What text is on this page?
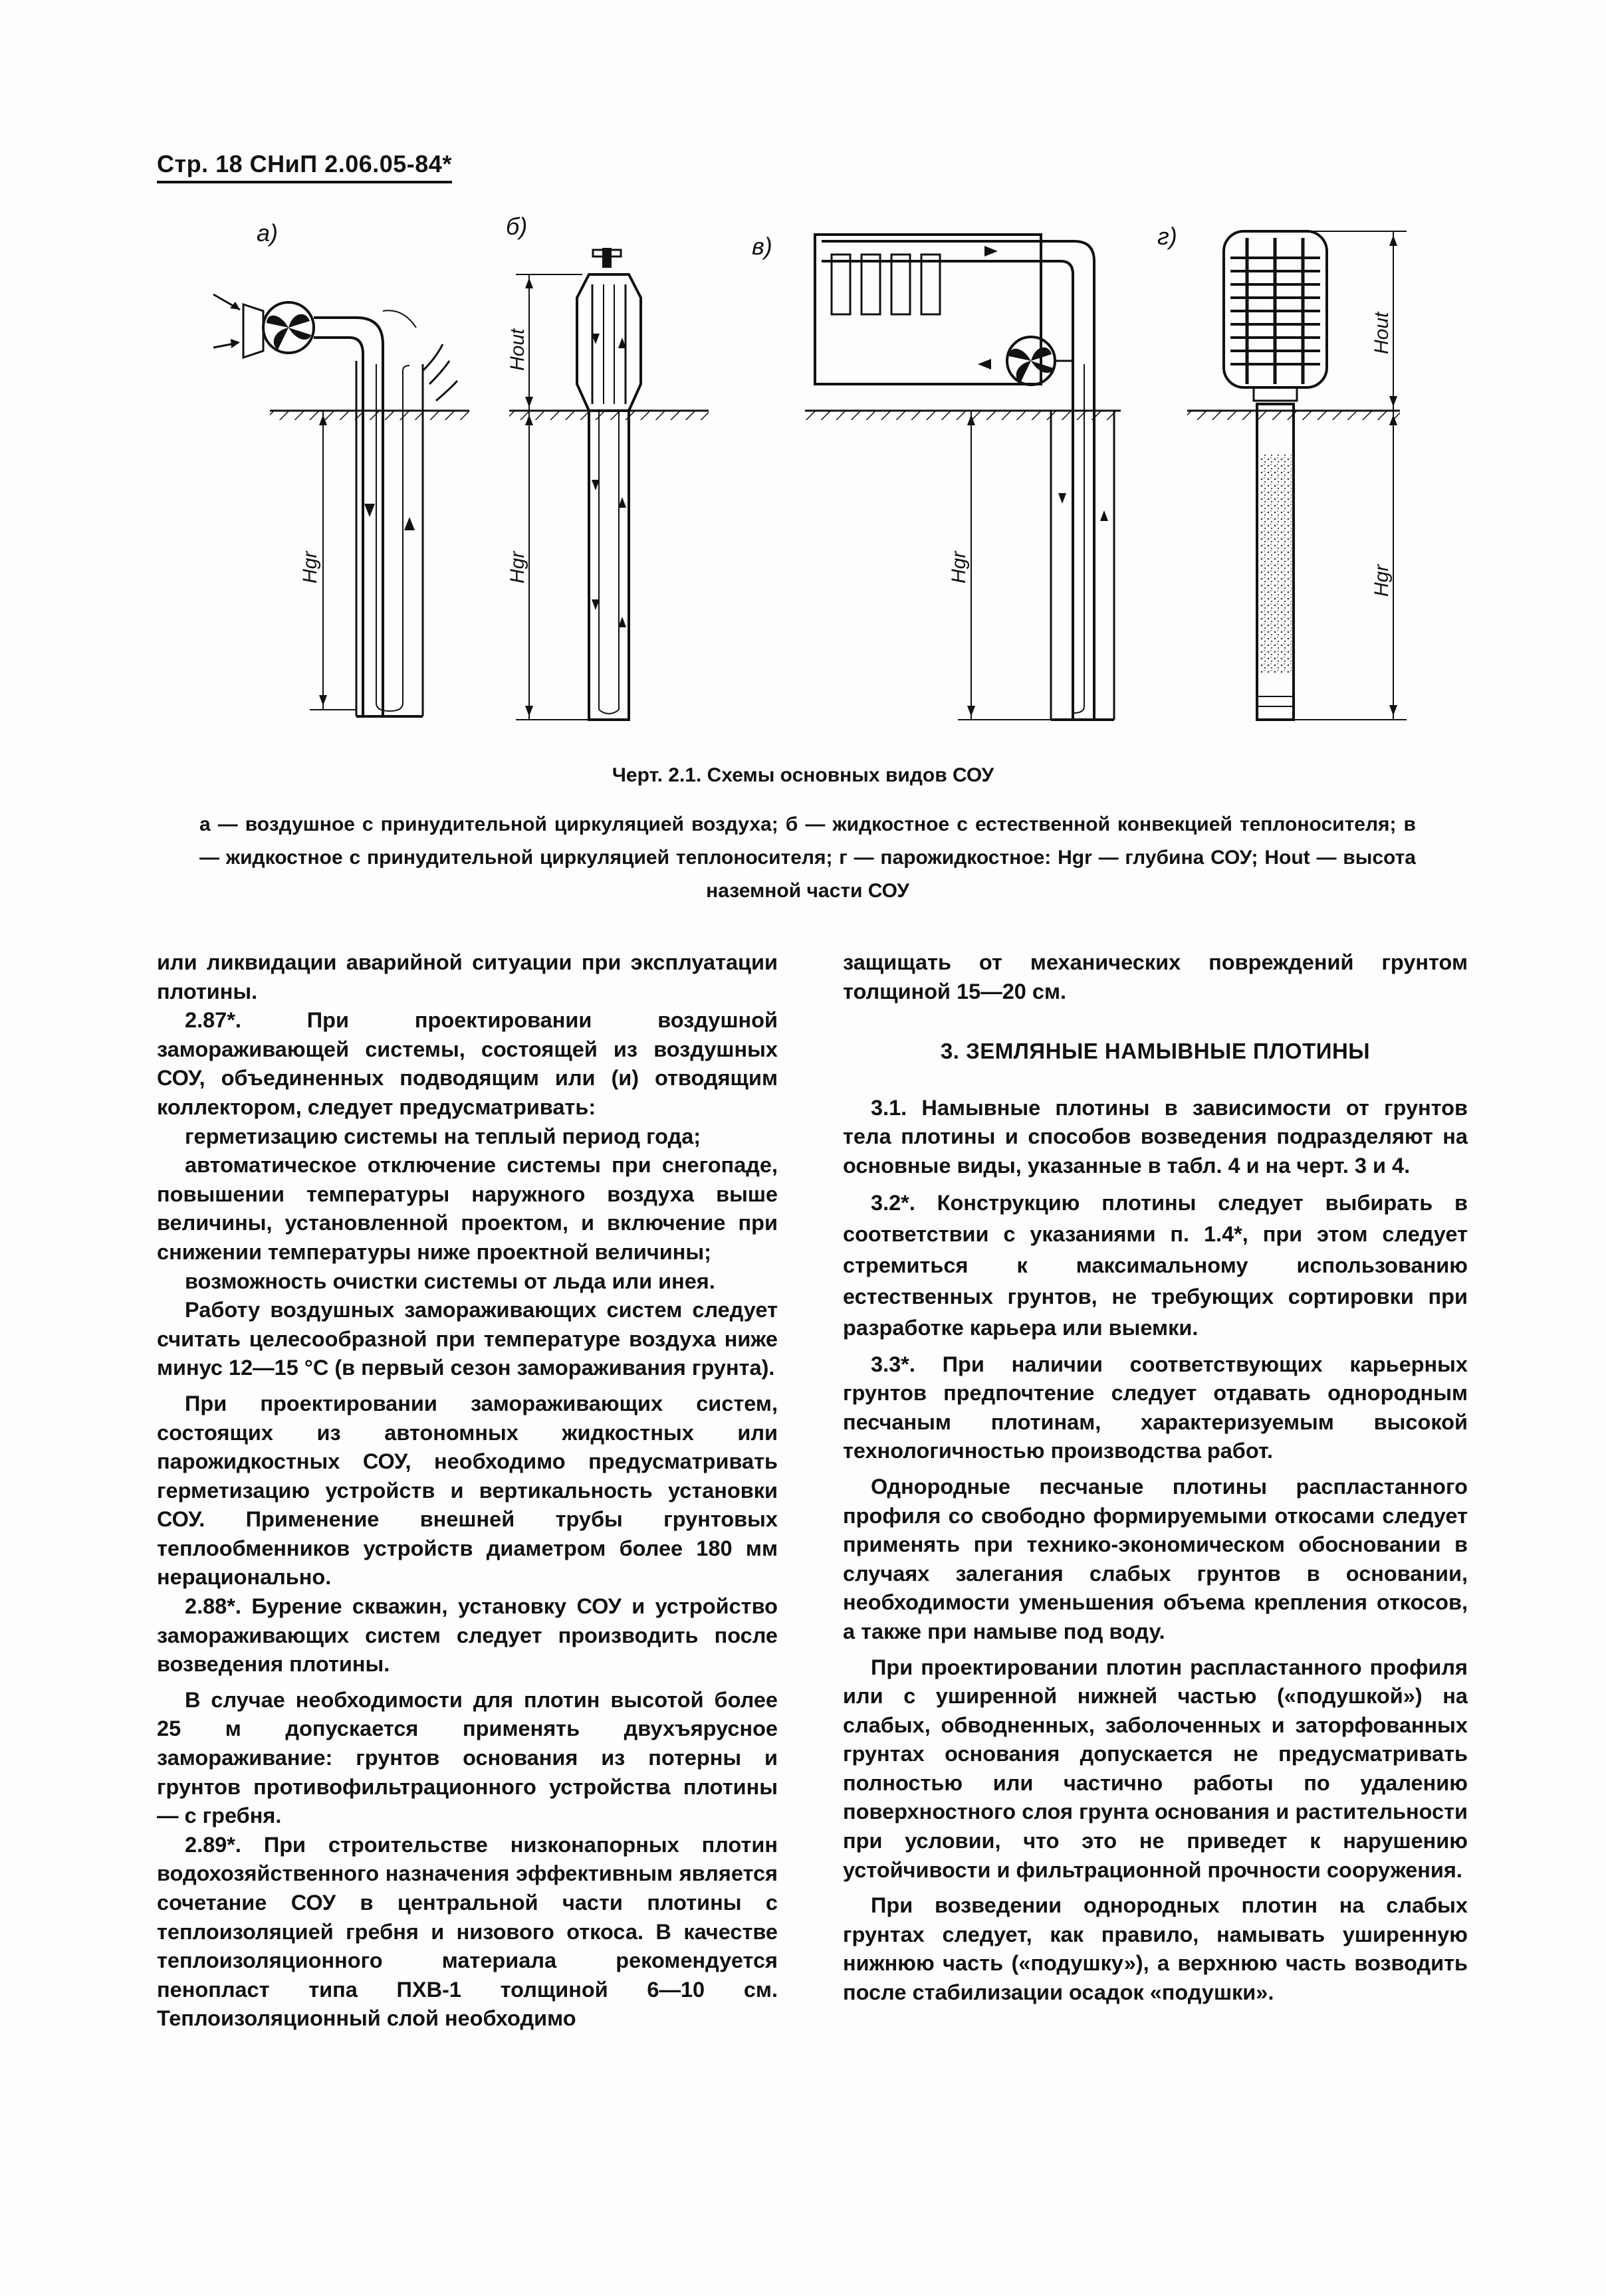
Стр. 18 СНиП 2.06.05-84*
а)
Hgr
б)
Hout
Hgr
в)
Hgr
г)
Hout
Hgr
Черт. 2.1. Схемы основных видов СОУ
а — воздушное с принудительной циркуляцией воздуха; б — жидкостное с естественной конвекцией теплоносителя; в — жидкостное с принудительной циркуляцией теплоносителя; г — парожидкостное: Hgr — глубина СОУ; Hout — высота наземной части СОУ

или ликвидации аварийной ситуации при эксплуатации плотины.

2.87*. При проектировании воздушной замораживающей системы, состоящей из воздушных СОУ, объединенных подводящим или (и) отводящим коллектором, следует предусматривать:

герметизацию системы на теплый период года;

автоматическое отключение системы при снегопаде, повышении температуры наружного воздуха выше величины, установленной проектом, и включение при снижении температуры ниже проектной величины;

возможность очистки системы от льда или инея.

Работу воздушных замораживающих систем следует считать целесообразной при температуре воздуха ниже минус 12—15 °С (в первый сезон замораживания грунта).

При проектировании замораживающих систем, состоящих из автономных жидкостных или парожидкостных СОУ, необходимо предусматривать герметизацию устройств и вертикальность установки СОУ. Применение внешней трубы грунтовых теплообменников устройств диаметром более 180 мм нерационально.

2.88*. Бурение скважин, установку СОУ и устройство замораживающих систем следует производить после возведения плотины.

В случае необходимости для плотин высотой более 25 м допускается применять двухъярусное замораживание: грунтов основания из потерны и грунтов противофильтрационного устройства плотины — с гребня.

2.89*. При строительстве низконапорных плотин водохозяйственного назначения эффективным является сочетание СОУ в центральной части плотины с теплоизоляцией гребня и низового откоса. В качестве теплоизоляционного материала рекомендуется пенопласт типа ПХВ-1 толщиной 6—10 см. Теплоизоляционный слой необходимо

защищать от механических повреждений грунтом толщиной 15—20 см.

3. ЗЕМЛЯНЫЕ НАМЫВНЫЕ ПЛОТИНЫ

3.1. Намывные плотины в зависимости от грунтов тела плотины и способов возведения подразделяют на основные виды, указанные в табл. 4 и на черт. 3 и 4.

3.2*. Конструкцию плотины следует выбирать в соответствии с указаниями п. 1.4*, при этом следует стремиться к максимальному использованию естественных грунтов, не требующих сортировки при разработке карьера или выемки.

3.3*. При наличии соответствующих карьерных грунтов предпочтение следует отдавать однородным песчаным плотинам, характеризуемым высокой технологичностью производства работ.

Однородные песчаные плотины распластанного профиля со свободно формируемыми откосами следует применять при технико-экономическом обосновании в случаях залегания слабых грунтов в основании, необходимости уменьшения объема крепления откосов, а также при намыве под воду.

При проектировании плотин распластанного профиля или с уширенной нижней частью («подушкой») на слабых, обводненных, заболоченных и заторфованных грунтах основания допускается не предусматривать полностью или частично работы по удалению поверхностного слоя грунта основания и растительности при условии, что это не приведет к нарушению устойчивости и фильтрационной прочности сооружения.

При возведении однородных плотин на слабых грунтах следует, как правило, намывать уширенную нижнюю часть («подушку»), а верхнюю часть возводить после стабилизации осадок «подушки».
